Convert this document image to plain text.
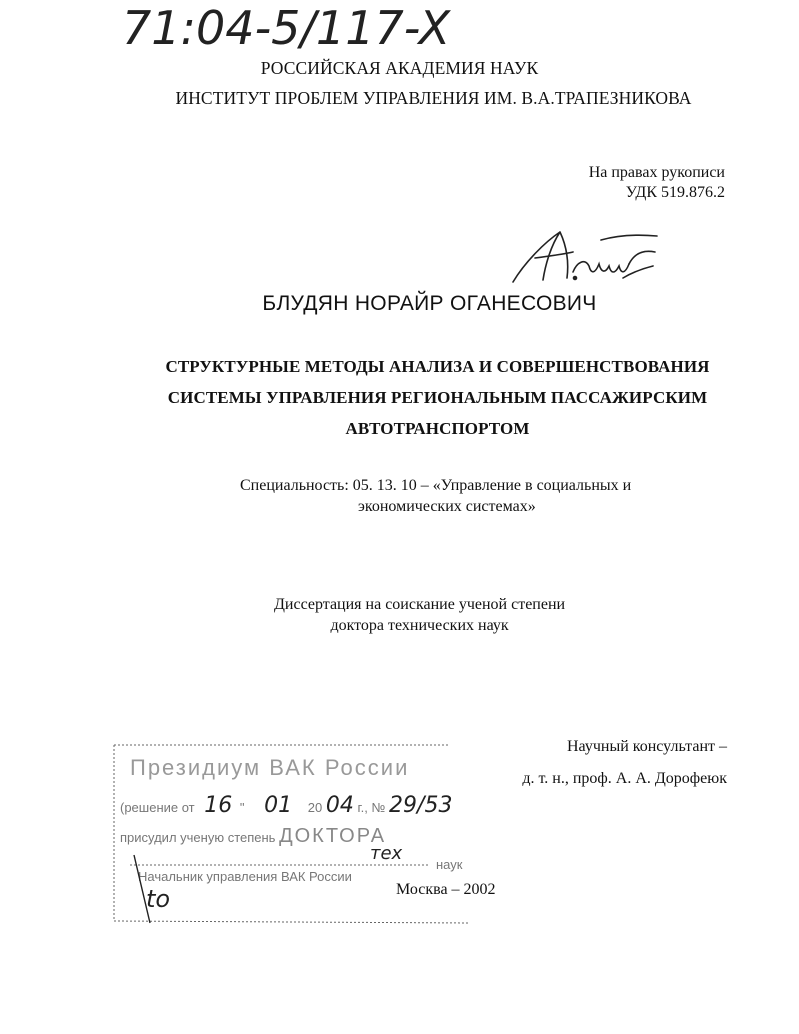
71:04-5/117-X
РОССИЙСКАЯ АКАДЕМИЯ НАУК
ИНСТИТУТ ПРОБЛЕМ УПРАВЛЕНИЯ ИМ. В.А.ТРАПЕЗНИКОВА
На правах рукописи
УДК 519.876.2
БЛУДЯН НОРАЙР ОГАНЕСОВИЧ
СТРУКТУРНЫЕ МЕТОДЫ АНАЛИЗА И СОВЕРШЕНСТВОВАНИЯ
СИСТЕМЫ УПРАВЛЕНИЯ РЕГИОНАЛЬНЫМ ПАССАЖИРСКИМ
АВТОТРАНСПОРТОМ
Специальность: 05. 13. 10 – «Управление в социальных и
экономических системах»
Диссертация на соискание ученой степени
доктора технических наук
Научный консультант –
д. т. н., проф. А. А. Дорофеюк
Президиум ВАК России
(решение от 16 " 01 20 04 г., № 29/53
присудил ученую степень ДОКТОРА
тех
наук
Начальник управления ВАК России
to	Москва – 2002
